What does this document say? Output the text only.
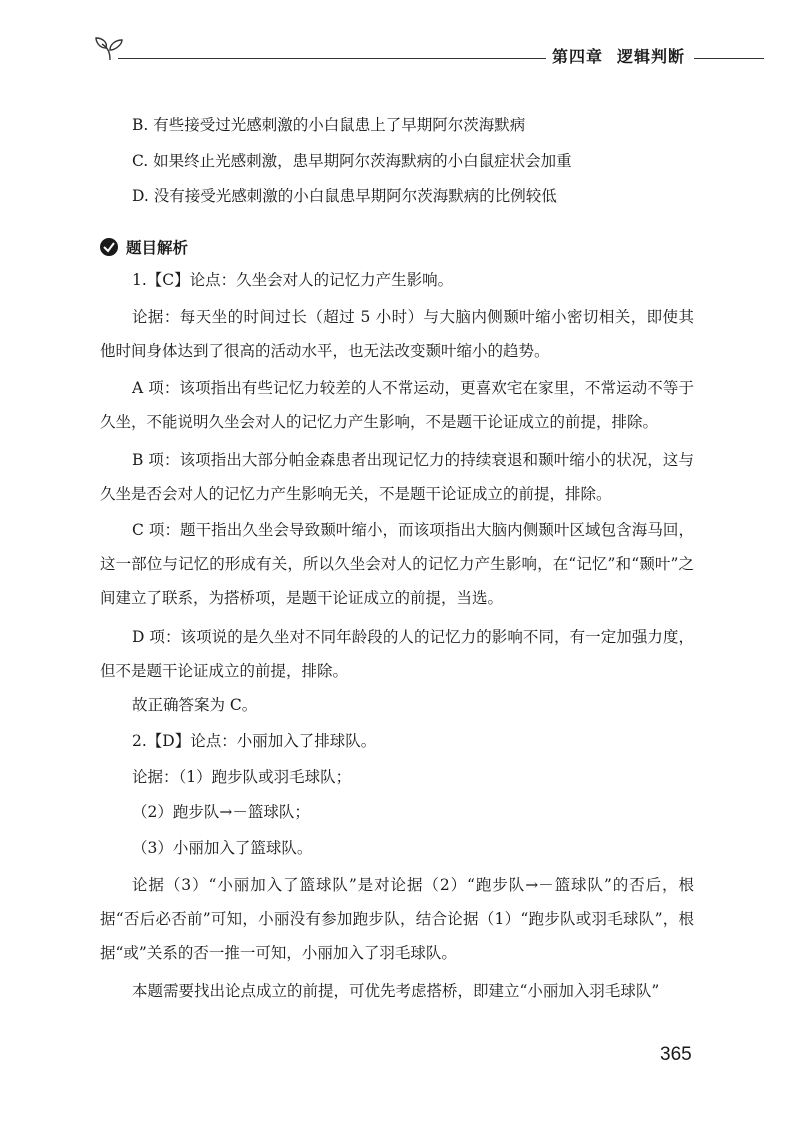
第四章 逻辑判断
B. 有些接受过光感刺激的小白鼠患上了早期阿尔茨海默病
C. 如果终止光感刺激，患早期阿尔茨海默病的小白鼠症状会加重
D. 没有接受光感刺激的小白鼠患早期阿尔茨海默病的比例较低
题目解析
1.【C】论点：久坐会对人的记忆力产生影响。
论据：每天坐的时间过长（超过 5 小时）与大脑内侧颞叶缩小密切相关，即使其他时间身体达到了很高的活动水平，也无法改变颞叶缩小的趋势。
A 项：该项指出有些记忆力较差的人不常运动，更喜欢宅在家里，不常运动不等于久坐，不能说明久坐会对人的记忆力产生影响，不是题干论证成立的前提，排除。
B 项：该项指出大部分帕金森患者出现记忆力的持续衰退和颞叶缩小的状况，这与久坐是否会对人的记忆力产生影响无关，不是题干论证成立的前提，排除。
C 项：题干指出久坐会导致颞叶缩小，而该项指出大脑内侧颞叶区域包含海马回，这一部位与记忆的形成有关，所以久坐会对人的记忆力产生影响，在“记忆”和“颞叶”之间建立了联系，为搭桥项，是题干论证成立的前提，当选。
D 项：该项说的是久坐对不同年龄段的人的记忆力的影响不同，有一定加强力度，但不是题干论证成立的前提，排除。
故正确答案为 C。
2.【D】论点：小丽加入了排球队。
论据：（1）跑步队或羽毛球队；
（2）跑步队→－篮球队；
（3）小丽加入了篮球队。
论据（3）“小丽加入了篮球队”是对论据（2）“跑步队→－篮球队”的否后，根据“否后必否前”可知，小丽没有参加跑步队，结合论据（1）“跑步队或羽毛球队”，根据“或”关系的否一推一可知，小丽加入了羽毛球队。
本题需要找出论点成立的前提，可优先考虑搭桥，即建立“小丽加入羽毛球队”
365
